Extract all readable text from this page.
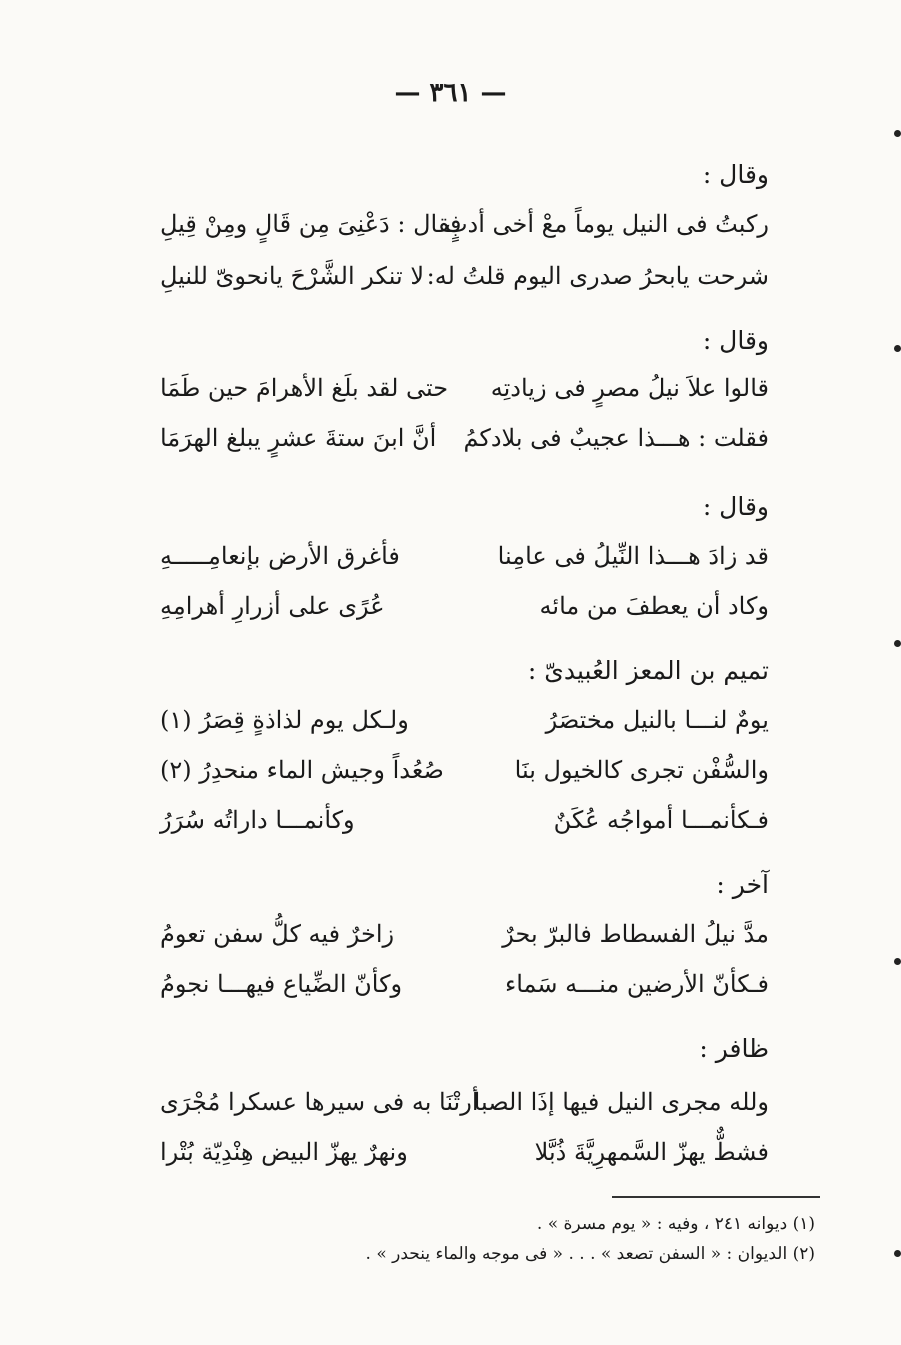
— ٣٦١ —
وقال :
ركبتُ فى النيل يوماً معْ أخى أدبٍ
فقال : دَعْنِىَ مِن قَالٍ ومِنْ قِيلِ
شرحت يابحرُ صدرى اليوم قلتُ له:
لا تنكر الشَّرْحَ يانحوىّ للنيلِ
وقال :
قالوا علاَ نيلُ مصرٍ فى زيادتِه
حتى لقد بلَغ الأهرامَ حين طَمَا
فقلت : هـــذا عجيبٌ فى بلادكمُ
أنَّ ابنَ ستةَ عشرٍ يبلغ الهرَمَا
وقال :
قد زادَ هـــذا النِّيلُ فى عامِنا
فأغرق الأرض بإنعامِـــــهِ
وكاد أن يعطفَ من مائه
عُرًى على أزرارِ أهرامِهِ
تميم بن المعز العُبيدىّ :
يومٌ لنـــا بالنيل مختصَرُ
ولـكل يوم لذاذةٍ قِصَرُ (١)
والسُّفْن تجرى كالخيول بنَا
صُعُداً وجيش الماء منحدِرُ (٢)
فـكأنمـــا أمواجُه عُكَنٌ
وكأنمـــا داراتُه سُرَرُ
آخر :
مدَّ نيلُ الفسطاط فالبرّ بحرٌ
زاخرٌ فيه كلُّ سفن تعومُ
فـكأنّ الأرضين منـــه سَماء
وكأنّ الضِّياع فيهـــا نجومُ
ظافر :
ولله مجرى النيل فيها إذَا الصبا
أرتْنَا به فى سيرها عسكرا مُجْرَى
فشطٌّ يهزّ السَّمهرِيَّةَ ذُبَّلا
ونهرٌ يهزّ البيض هِنْدِيّة بُتْرا
(١) ديوانه ٢٤١ ، وفيه : « يوم مسرة » .
(٢) الديوان : « السفن تصعد » . . . « فى موجه والماء ينحدر » .
